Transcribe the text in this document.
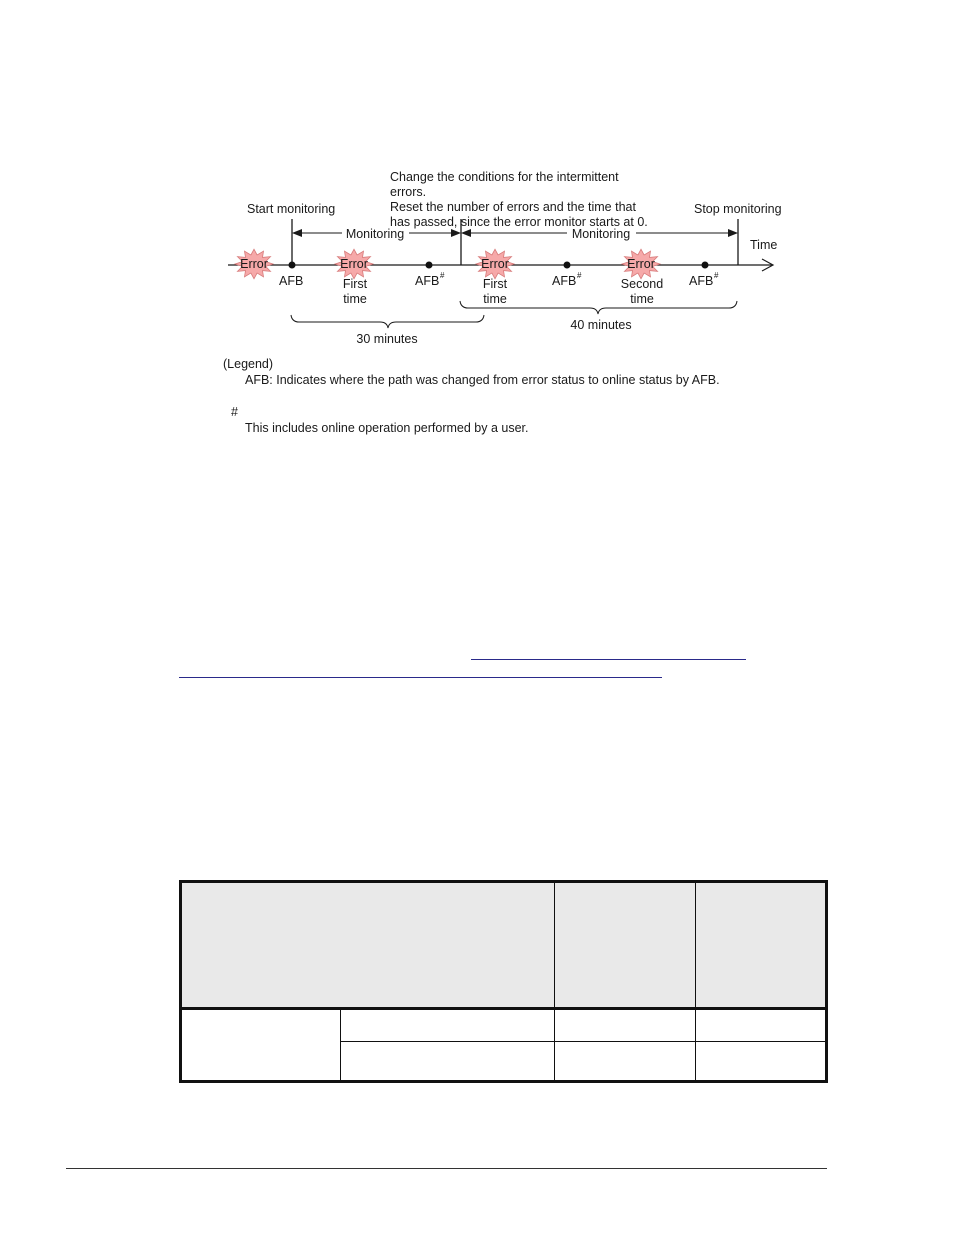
Change the conditions for the intermittent
errors.
Reset the number of errors and the time that
has passed, since the error monitor starts at 0.
Start monitoring	Stop monitoring
Monitoring	Monitoring
Time
Error	Error	Error	Error
AFB	AFB #	AFB #	AFB #
First
time
First
time
Second
time
30 minutes
40 minutes
(Legend)
AFB: Indicates where the path was changed from error status to online status by AFB.
#
This includes online operation performed by a user.
